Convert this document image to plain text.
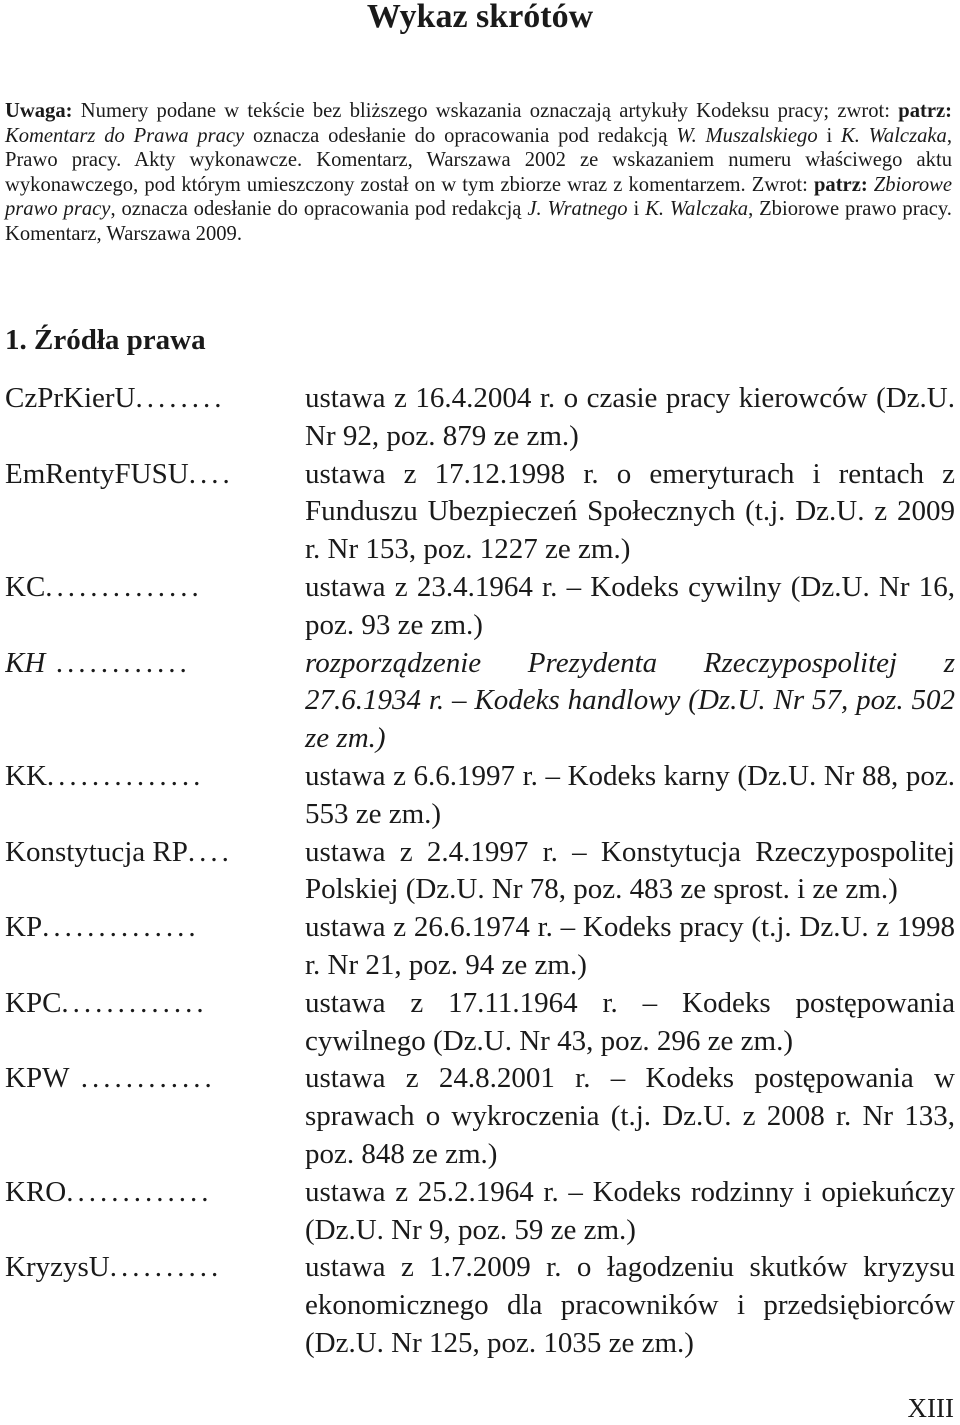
Wykaz skrótów

Uwaga: Numery podane w tekście bez bliższego wskazania oznaczają artykuły Kodeksu pracy; zwrot: patrz: Komentarz do Prawa pracy oznacza odesłanie do opracowania pod redakcją W. Muszalskiego i K. Walczaka, Prawo pracy. Akty wykonawcze. Komentarz, Warszawa 2002 ze wskazaniem numeru właściwego aktu wykonawczego, pod którym umieszczony został on w tym zbiorze wraz z komentarzem. Zwrot: patrz: Zbiorowe prawo pracy, oznacza odesłanie do opracowania pod redakcją J. Wratnego i K. Walczaka, Zbiorowe prawo pracy. Komentarz, Warszawa 2009.

1. Źródła prawa
CzPrKierU........	ustawa z 16.4.2004 r. o czasie pracy kierowców (Dz.U. Nr 92, poz. 879 ze zm.)
EmRentyFUSU....	ustawa z 17.12.1998 r. o emeryturach i rentach z Funduszu Ubezpieczeń Społecznych (t.j. Dz.U. z 2009 r. Nr 153, poz. 1227 ze zm.)
KC..............	ustawa z 23.4.1964 r. – Kodeks cywilny (Dz.U. Nr 16, poz. 93 ze zm.)
KH ............	rozporządzenie Prezydenta Rzeczypospolitej z 27.6.1934 r. – Kodeks handlowy (Dz.U. Nr 57, poz. 502 ze zm.)
KK..............	ustawa z 6.6.1997 r. – Kodeks karny (Dz.U. Nr 88, poz. 553 ze zm.)
Konstytucja RP....	ustawa z 2.4.1997 r. – Konstytucja Rzeczypospolitej Polskiej (Dz.U. Nr 78, poz. 483 ze sprost. i ze zm.)
KP..............	ustawa z 26.6.1974 r. – Kodeks pracy (t.j. Dz.U. z 1998 r. Nr 21, poz. 94 ze zm.)
KPC.............	ustawa z 17.11.1964 r. – Kodeks postępowania cywilnego (Dz.U. Nr 43, poz. 296 ze zm.)
KPW ............	ustawa z 24.8.2001 r. – Kodeks postępowania w sprawach o wykroczenia (t.j. Dz.U. z 2008 r. Nr 133, poz. 848 ze zm.)
KRO.............	ustawa z 25.2.1964 r. – Kodeks rodzinny i opiekuńczy (Dz.U. Nr 9, poz. 59 ze zm.)
KryzysU..........	ustawa z 1.7.2009 r. o łagodzeniu skutków kryzysu ekonomicznego dla pracowników i przedsiębiorców (Dz.U. Nr 125, poz. 1035 ze zm.)
XIII
